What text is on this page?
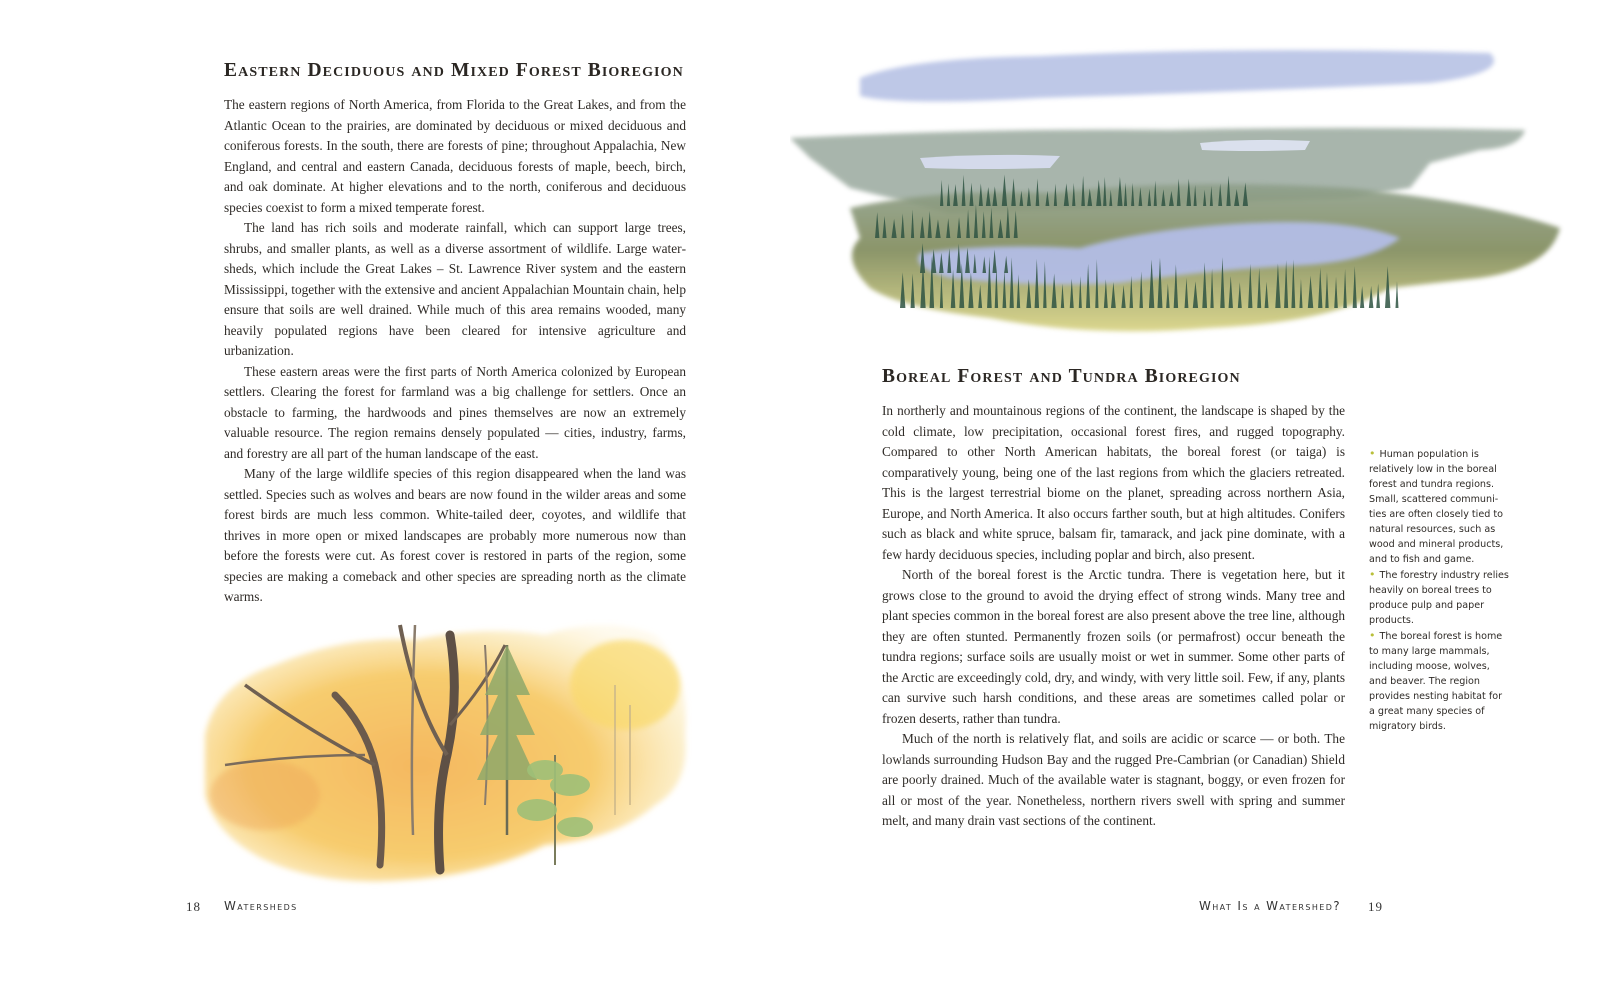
Eastern Deciduous and Mixed Forest Bioregion

The eastern regions of North America, from Florida to the Great Lakes, and from the Atlantic Ocean to the prairies, are dominated by deciduous or mixed deciduous and coniferous forests. In the south, there are forests of pine; throughout Appalachia, New England, and central and eastern Canada, deciduous forests of maple, beech, birch, and oak dominate. At higher elevations and to the north, coniferous and deciduous species coexist to form a mixed temperate forest.

The land has rich soils and moderate rainfall, which can support large trees, shrubs, and smaller plants, as well as a diverse assortment of wildlife. Large watersheds, which include the Great Lakes – St. Lawrence River system and the eastern Mississippi, together with the extensive and ancient Appalachian Mountain chain, help ensure that soils are well drained. While much of this area remains wooded, many heavily populated regions have been cleared for intensive agriculture and urbanization.

These eastern areas were the first parts of North America colonized by European settlers. Clearing the forest for farmland was a big challenge for settlers. Once an obstacle to farming, the hardwoods and pines themselves are now an extremely valuable resource. The region remains densely populated — cities, industry, farms, and forestry are all part of the human landscape of the east.

Many of the large wildlife species of this region disappeared when the land was settled. Species such as wolves and bears are now found in the wilder areas and some forest birds are much less common. White-tailed deer, coyotes, and wildlife that thrives in more open or mixed landscapes are probably more numerous now than before the forests were cut. As forest cover is restored in parts of the region, some species are making a comeback and other species are spreading north as the climate warms.

18 Watersheds
Boreal Forest and Tundra Bioregion

In northerly and mountainous regions of the continent, the landscape is shaped by the cold climate, low precipitation, occasional forest fires, and rugged topography. Compared to other North American habitats, the boreal forest (or taiga) is comparatively young, being one of the last regions from which the glaciers retreated. This is the largest terrestrial biome on the planet, spreading across northern Asia, Europe, and North America. It also occurs farther south, but at high altitudes. Conifers such as black and white spruce, balsam fir, tamarack, and jack pine dominate, with a few hardy deciduous species, including poplar and birch, also present.

North of the boreal forest is the Arctic tundra. There is vegetation here, but it grows close to the ground to avoid the drying effect of strong winds. Many tree and plant species common in the boreal forest are also present above the tree line, although they are often stunted. Permanently frozen soils (or permafrost) occur beneath the tundra regions; surface soils are usually moist or wet in summer. Some other parts of the Arctic are exceedingly cold, dry, and windy, with very little soil. Few, if any, plants can survive such harsh conditions, and these areas are sometimes called polar or frozen deserts, rather than tundra.

Much of the north is relatively flat, and soils are acidic or scarce — or both. The lowlands surrounding Hudson Bay and the rugged Pre-Cambrian (or Canadian) Shield are poorly drained. Much of the available water is stagnant, boggy, or even frozen for all or most of the year. Nonetheless, northern rivers swell with spring and summer melt, and many drain vast sections of the continent.

• Human population is relatively low in the boreal forest and tundra regions. Small, scattered communities are often closely tied to natural resources, such as wood and mineral products, and to fish and game.

• The forestry industry relies heavily on boreal trees to produce pulp and paper products.

• The boreal forest is home to many large mammals, including moose, wolves, and beaver. The region provides nesting habitat for a great many species of migratory birds.

What Is a Watershed? 19
